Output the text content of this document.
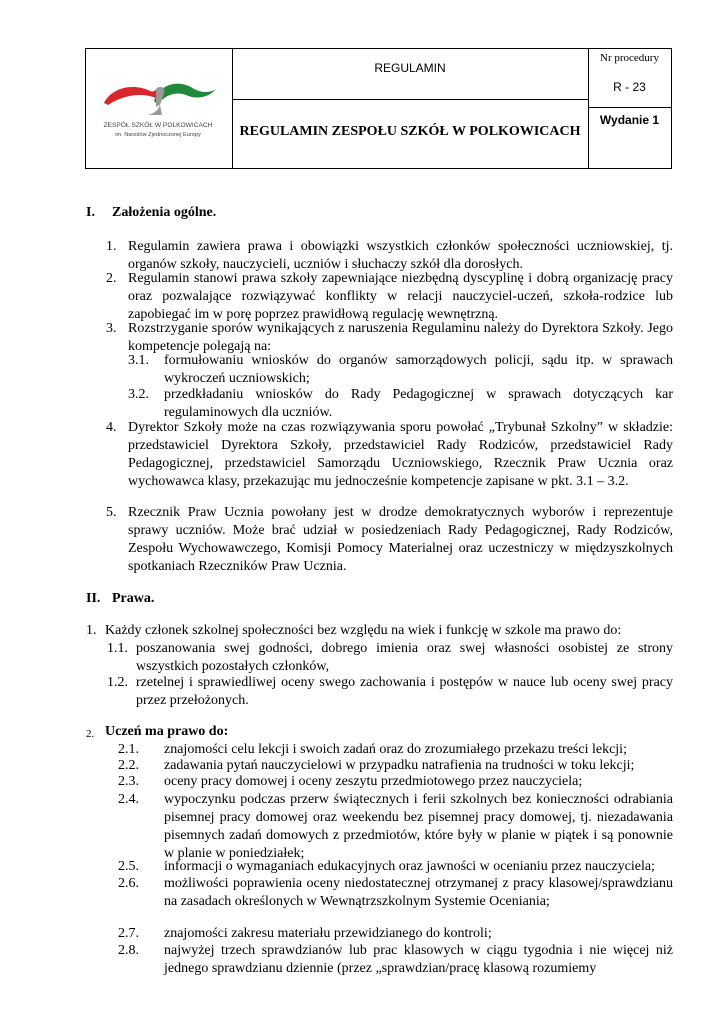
ZESPÓŁ SZKÓŁ W POLKOWICACH
im. Narodów Zjednoczonej Europy
REGULAMIN
REGULAMIN ZESPOŁU SZKÓŁ W POLKOWICACH
Nr procedury
R - 23
Wydanie 1
I. Założenia ogólne.
1. Regulamin zawiera prawa i obowiązki wszystkich członków społeczności uczniowskiej, tj. organów szkoły, nauczycieli, uczniów i słuchaczy szkół dla dorosłych.
2. Regulamin stanowi prawa szkoły zapewniające niezbędną dyscyplinę i dobrą organizację pracy oraz pozwalające rozwiązywać konflikty w relacji nauczyciel-uczeń, szkoła-rodzice lub zapobiegać im w porę poprzez prawidłową regulację wewnętrzną.
3. Rozstrzyganie sporów wynikających z naruszenia Regulaminu należy do Dyrektora Szkoły. Jego kompetencje polegają na:
3.1. formułowaniu wniosków do organów samorządowych policji, sądu itp. w sprawach wykroczeń uczniowskich;
3.2. przedkładaniu wniosków do Rady Pedagogicznej w sprawach dotyczących kar regulaminowych dla uczniów.
4. Dyrektor Szkoły może na czas rozwiązywania sporu powołać „Trybunał Szkolny” w składzie: przedstawiciel Dyrektora Szkoły, przedstawiciel Rady Rodziców, przedstawiciel Rady Pedagogicznej, przedstawiciel Samorządu Uczniowskiego, Rzecznik Praw Ucznia oraz wychowawca klasy, przekazując mu jednocześnie kompetencje zapisane w pkt. 3.1 – 3.2.
5. Rzecznik Praw Ucznia powołany jest w drodze demokratycznych wyborów i reprezentuje sprawy uczniów. Może brać udział w posiedzeniach Rady Pedagogicznej, Rady Rodziców, Zespołu Wychowawczego, Komisji Pomocy Materialnej oraz uczestniczy w międzyszkolnych spotkaniach Rzeczników Praw Ucznia.
II. Prawa.
1. Każdy członek szkolnej społeczności bez względu na wiek i funkcję w szkole ma prawo do:
1.1. poszanowania swej godności, dobrego imienia oraz swej własności osobistej ze strony wszystkich pozostałych członków,
1.2. rzetelnej i sprawiedliwej oceny swego zachowania i postępów w nauce lub oceny swej pracy przez przełożonych.
2. Uczeń ma prawo do:
2.1. znajomości celu lekcji i swoich zadań oraz do zrozumiałego przekazu treści lekcji;
2.2. zadawania pytań nauczycielowi w przypadku natrafienia na trudności w toku lekcji;
2.3. oceny pracy domowej i oceny zeszytu przedmiotowego przez nauczyciela;
2.4. wypoczynku podczas przerw świątecznych i ferii szkolnych bez konieczności odrabiania pisemnej pracy domowej oraz weekendu bez pisemnej pracy domowej, tj. niezadawania pisemnych zadań domowych z przedmiotów, które były w planie w piątek i są ponownie w planie w poniedziałek;
2.5. informacji o wymaganiach edukacyjnych oraz jawności w ocenianiu przez nauczyciela;
2.6. możliwości poprawienia oceny niedostatecznej otrzymanej z pracy klasowej/sprawdzianu na zasadach określonych w Wewnątrzszkolnym Systemie Oceniania;
2.7. znajomości zakresu materiału przewidzianego do kontroli;
2.8. najwyżej trzech sprawdzianów lub prac klasowych w ciągu tygodnia i nie więcej niż jednego sprawdzianu dziennie (przez „sprawdzian/pracę klasową rozumiemy
